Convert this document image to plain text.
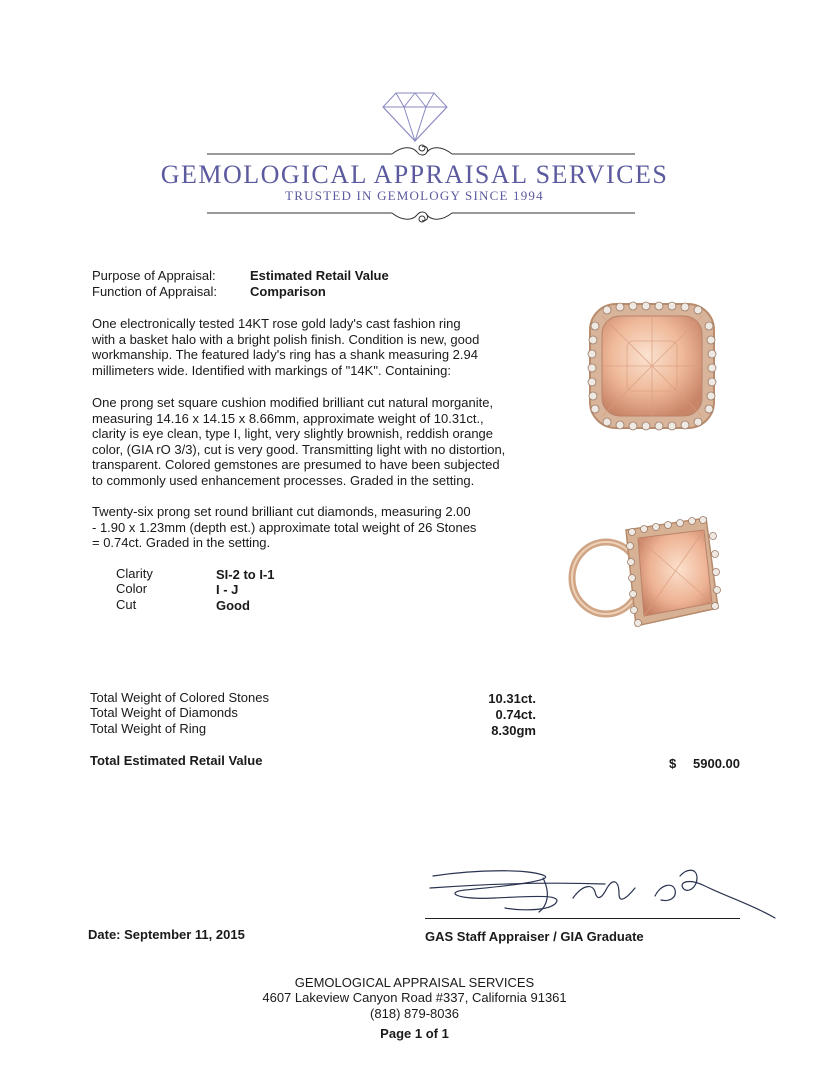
GEMOLOGICAL APPRAISAL SERVICES
TRUSTED IN GEMOLOGY SINCE 1994
Purpose of Appraisal:	Estimated Retail Value
Function of Appraisal:	Comparison
One electronically tested 14KT rose gold lady's cast fashion ring
with a basket halo with a bright polish finish. Condition is new, good
workmanship. The featured lady's ring has a shank measuring 2.94
millimeters wide. Identified with markings of "14K". Containing:
One prong set square cushion modified brilliant cut natural morganite,
measuring 14.16 x 14.15 x 8.66mm, approximate weight of 10.31ct.,
clarity is eye clean, type I, light, very slightly brownish, reddish orange
color, (GIA rO 3/3), cut is very good. Transmitting light with no distortion,
transparent. Colored gemstones are presumed to have been subjected
to commonly used enhancement processes. Graded in the setting.
Twenty-six prong set round brilliant cut diamonds, measuring 2.00
- 1.90 x 1.23mm (depth est.) approximate total weight of 26 Stones
= 0.74ct. Graded in the setting.
Clarity	SI-2 to I-1
Color	I - J
Cut	Good
Total Weight of Colored Stones	10.31ct.
Total Weight of Diamonds	0.74ct.
Total Weight of Ring	8.30gm
Total Estimated Retail Value	$	5900.00
Date: September 11, 2015	GAS Staff Appraiser / GIA Graduate
GEMOLOGICAL APPRAISAL SERVICES
4607 Lakeview Canyon Road #337, California 91361
(818) 879-8036
Page 1 of 1
